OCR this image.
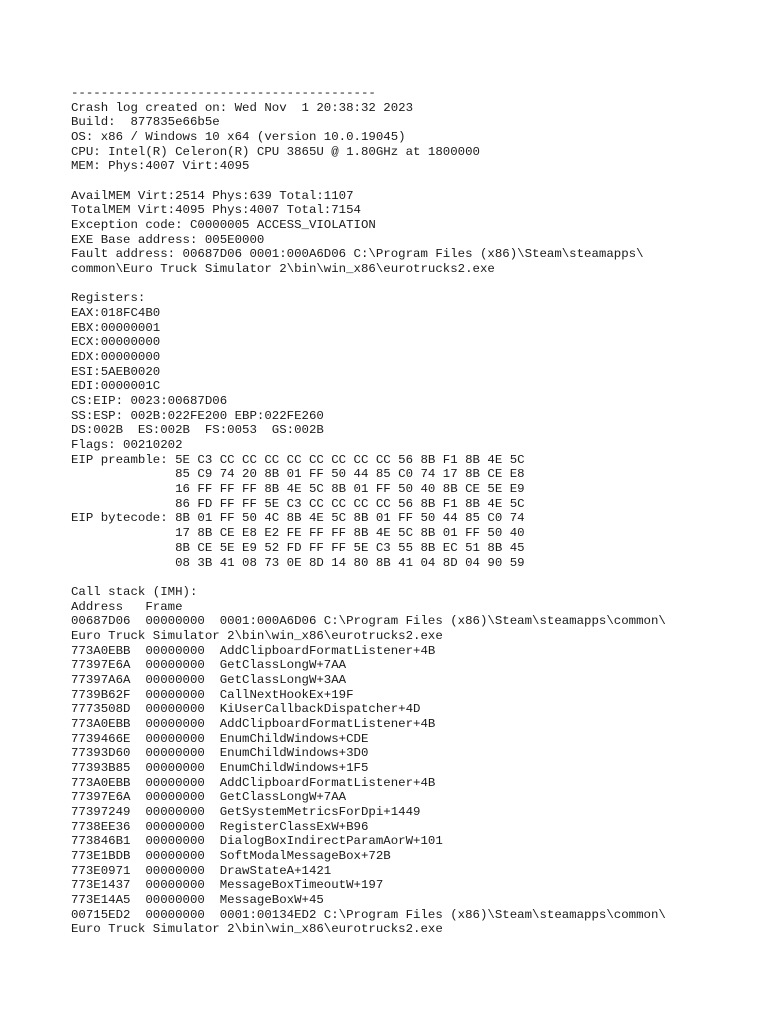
-----------------------------------------
Crash log created on: Wed Nov  1 20:38:32 2023
Build:  877835e66b5e
OS: x86 / Windows 10 x64 (version 10.0.19045)
CPU: Intel(R) Celeron(R) CPU 3865U @ 1.80GHz at 1800000
MEM: Phys:4007 Virt:4095

AvailMEM Virt:2514 Phys:639 Total:1107
TotalMEM Virt:4095 Phys:4007 Total:7154
Exception code: C0000005 ACCESS_VIOLATION
EXE Base address: 005E0000
Fault address: 00687D06 0001:000A6D06 C:\Program Files (x86)\Steam\steamapps\
common\Euro Truck Simulator 2\bin\win_x86\eurotrucks2.exe

Registers:
EAX:018FC4B0
EBX:00000001
ECX:00000000
EDX:00000000
ESI:5AEB0020
EDI:0000001C
CS:EIP: 0023:00687D06
SS:ESP: 002B:022FE200 EBP:022FE260
DS:002B  ES:002B  FS:0053  GS:002B
Flags: 00210202
EIP preamble: 5E C3 CC CC CC CC CC CC CC CC 56 8B F1 8B 4E 5C
85 C9 74 20 8B 01 FF 50 44 85 C0 74 17 8B CE E8
16 FF FF FF 8B 4E 5C 8B 01 FF 50 40 8B CE 5E E9
86 FD FF FF 5E C3 CC CC CC CC 56 8B F1 8B 4E 5C
EIP bytecode: 8B 01 FF 50 4C 8B 4E 5C 8B 01 FF 50 44 85 C0 74
17 8B CE E8 E2 FE FF FF 8B 4E 5C 8B 01 FF 50 40
8B CE 5E E9 52 FD FF FF 5E C3 55 8B EC 51 8B 45
08 3B 41 08 73 0E 8D 14 80 8B 41 04 8D 04 90 59

Call stack (IMH):
Address   Frame
00687D06  00000000  0001:000A6D06 C:\Program Files (x86)\Steam\steamapps\common\
Euro Truck Simulator 2\bin\win_x86\eurotrucks2.exe
773A0EBB  00000000  AddClipboardFormatListener+4B
77397E6A  00000000  GetClassLongW+7AA
77397A6A  00000000  GetClassLongW+3AA
7739B62F  00000000  CallNextHookEx+19F
7773508D  00000000  KiUserCallbackDispatcher+4D
773A0EBB  00000000  AddClipboardFormatListener+4B
7739466E  00000000  EnumChildWindows+CDE
77393D60  00000000  EnumChildWindows+3D0
77393B85  00000000  EnumChildWindows+1F5
773A0EBB  00000000  AddClipboardFormatListener+4B
77397E6A  00000000  GetClassLongW+7AA
77397249  00000000  GetSystemMetricsForDpi+1449
7738EE36  00000000  RegisterClassExW+B96
773846B1  00000000  DialogBoxIndirectParamAorW+101
773E1BDB  00000000  SoftModalMessageBox+72B
773E0971  00000000  DrawStateA+1421
773E1437  00000000  MessageBoxTimeoutW+197
773E14A5  00000000  MessageBoxW+45
00715ED2  00000000  0001:00134ED2 C:\Program Files (x86)\Steam\steamapps\common\
Euro Truck Simulator 2\bin\win_x86\eurotrucks2.exe
